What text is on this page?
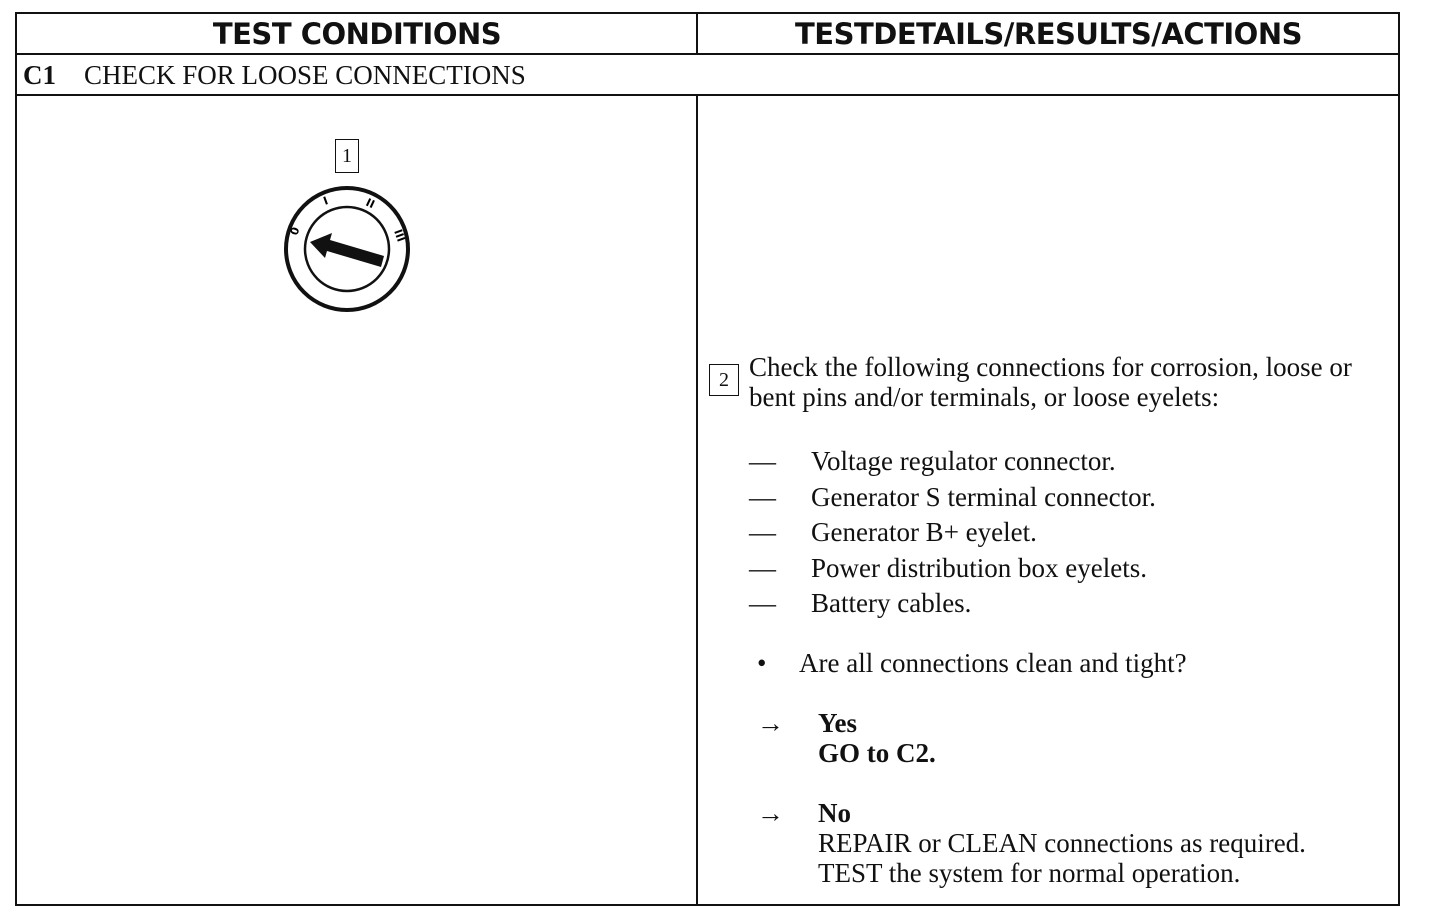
TEST CONDITIONS	TESTDETAILS/RESULTS/ACTIONS
C1 CHECK FOR LOOSE CONNECTIONS
1
0
I	II
III
2 Check the following connections for corrosion, loose or bent pins and/or terminals, or loose eyelets:
—	Voltage regulator connector.
—	Generator S terminal connector.
—	Generator B+ eyelet.
—	Power distribution box eyelets.
—	Battery cables.
• Are all connections clean and tight?
→ Yes
GO to C2.
→ No
REPAIR or CLEAN connections as required.
TEST the system for normal operation.
